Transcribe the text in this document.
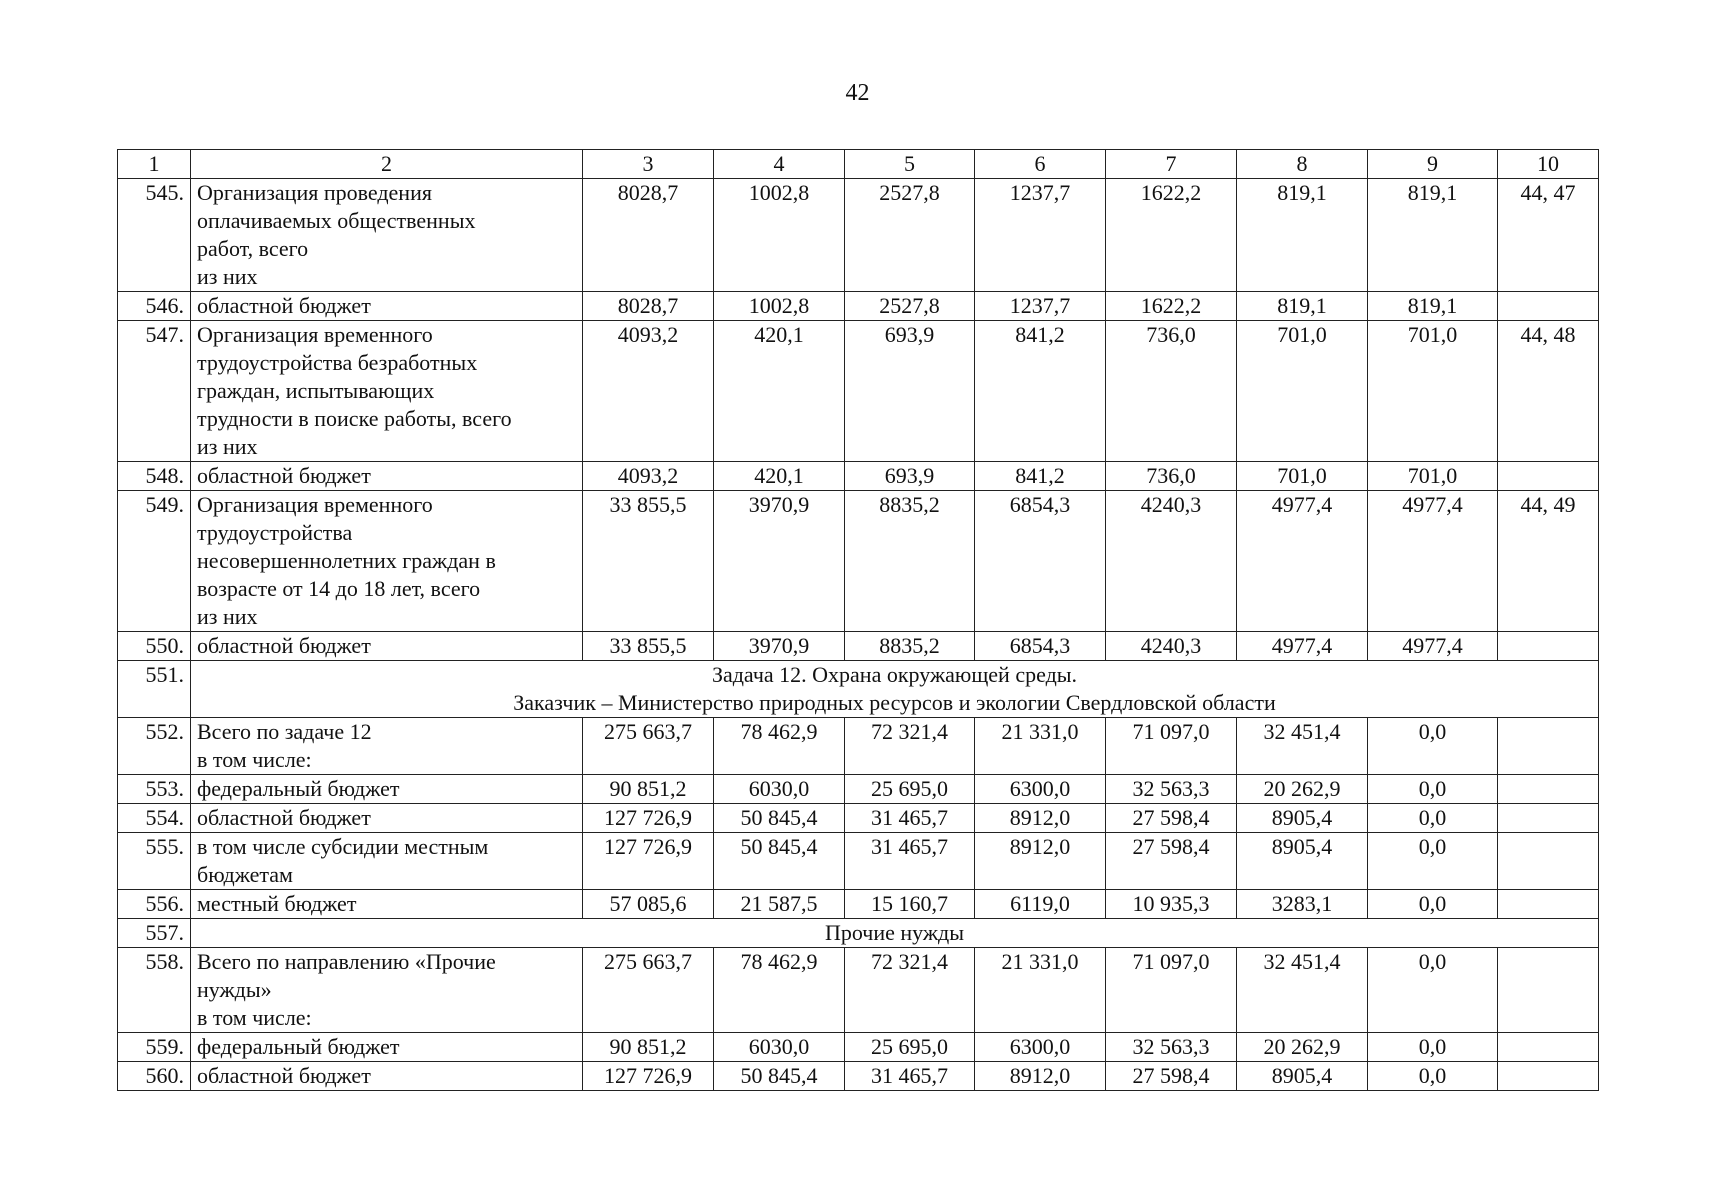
42
1	2	3	4	5	6	7	8	9	10
545.	Организация проведения
оплачиваемых общественных
работ, всего
из них	8028,7	1002,8	2527,8	1237,7	1622,2	819,1	819,1	44, 47
546.	областной бюджет	8028,7	1002,8	2527,8	1237,7	1622,2	819,1	819,1	
547.	Организация временного
трудоустройства безработных
граждан, испытывающих
трудности в поиске работы, всего
из них	4093,2	420,1	693,9	841,2	736,0	701,0	701,0	44, 48
548.	областной бюджет	4093,2	420,1	693,9	841,2	736,0	701,0	701,0	
549.	Организация временного
трудоустройства
несовершеннолетних граждан в
возрасте от 14 до 18 лет, всего
из них	33 855,5	3970,9	8835,2	6854,3	4240,3	4977,4	4977,4	44, 49
550.	областной бюджет	33 855,5	3970,9	8835,2	6854,3	4240,3	4977,4	4977,4	
551.	Задача 12. Охрана окружающей среды.
Заказчик – Министерство природных ресурсов и экологии Свердловской области								

552.	Всего по задаче 12
в том числе:	275 663,7	78 462,9	72 321,4	21 331,0	71 097,0	32 451,4	0,0	
553.	федеральный бюджет	90 851,2	6030,0	25 695,0	6300,0	32 563,3	20 262,9	0,0	
554.	областной бюджет	127 726,9	50 845,4	31 465,7	8912,0	27 598,4	8905,4	0,0	
555.	в том числе субсидии местным
бюджетам	127 726,9	50 845,4	31 465,7	8912,0	27 598,4	8905,4	0,0	
556.	местный бюджет	57 085,6	21 587,5	15 160,7	6119,0	10 935,3	3283,1	0,0	
557.	Прочие нужды								

558.	Всего по направлению «Прочие
нужды»
в том числе:	275 663,7	78 462,9	72 321,4	21 331,0	71 097,0	32 451,4	0,0	
559.	федеральный бюджет	90 851,2	6030,0	25 695,0	6300,0	32 563,3	20 262,9	0,0	
560.	областной бюджет	127 726,9	50 845,4	31 465,7	8912,0	27 598,4	8905,4	0,0	
